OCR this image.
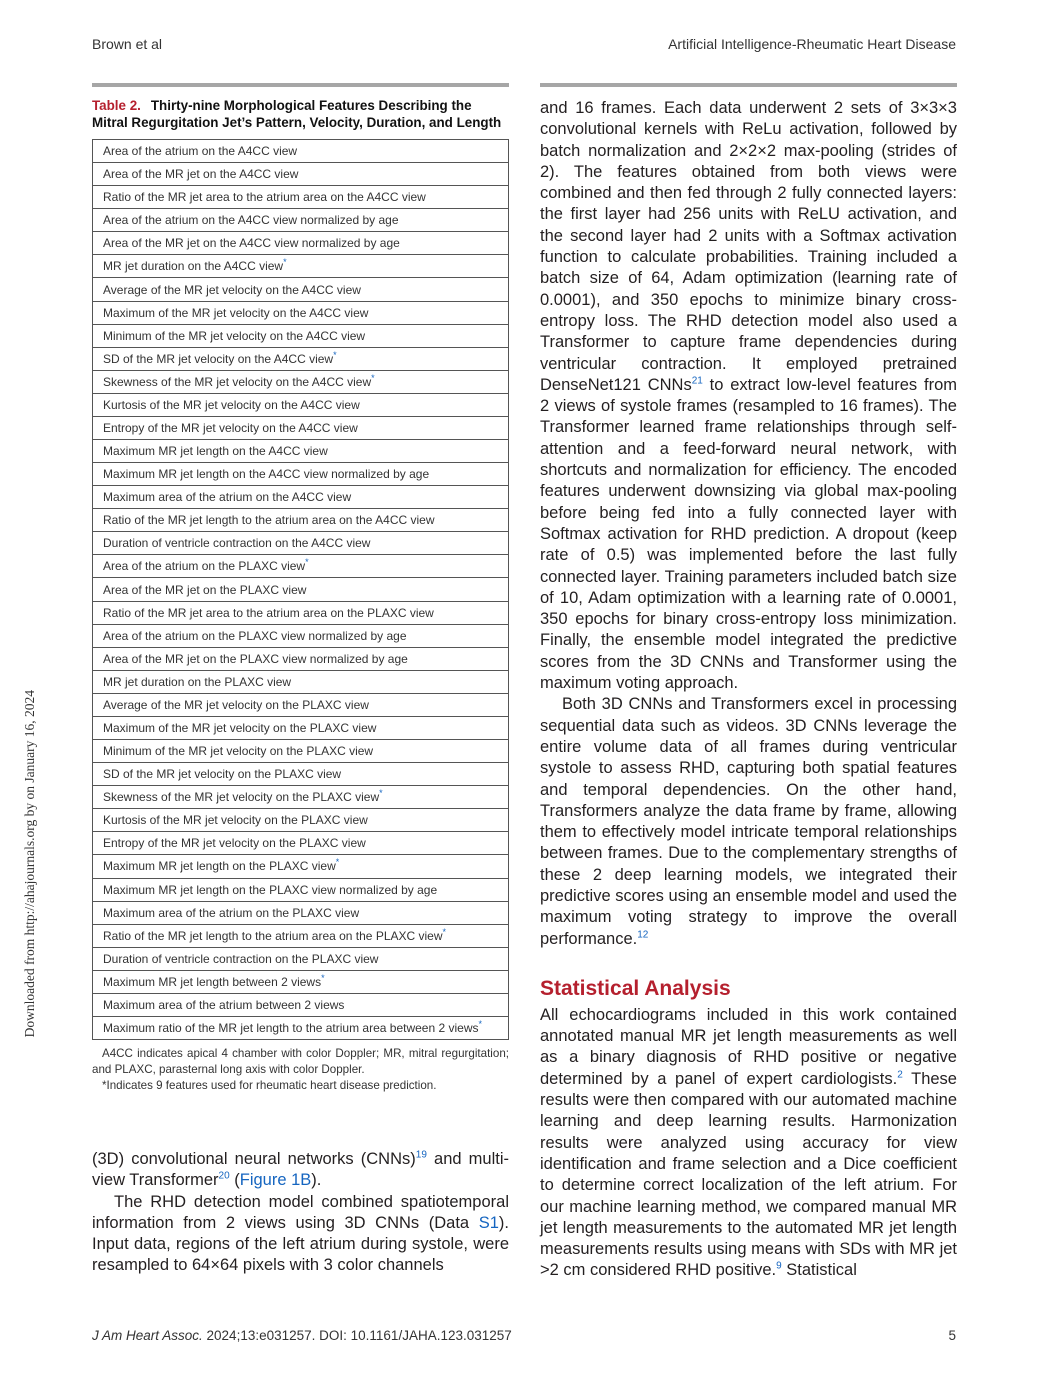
Brown et al	Artificial Intelligence-Rheumatic Heart Disease
Downloaded from http://ahajournals.org by on January 16, 2024
Table 2. Thirty-nine Morphological Features Describing the Mitral Regurgitation Jet’s Pattern, Velocity, Duration, and Length
Area of the atrium on the A4CC view
Area of the MR jet on the A4CC view
Ratio of the MR jet area to the atrium area on the A4CC view
Area of the atrium on the A4CC view normalized by age
Area of the MR jet on the A4CC view normalized by age
MR jet duration on the A4CC view*
Average of the MR jet velocity on the A4CC view
Maximum of the MR jet velocity on the A4CC view
Minimum of the MR jet velocity on the A4CC view
SD of the MR jet velocity on the A4CC view*
Skewness of the MR jet velocity on the A4CC view*
Kurtosis of the MR jet velocity on the A4CC view
Entropy of the MR jet velocity on the A4CC view
Maximum MR jet length on the A4CC view
Maximum MR jet length on the A4CC view normalized by age
Maximum area of the atrium on the A4CC view
Ratio of the MR jet length to the atrium area on the A4CC view
Duration of ventricle contraction on the A4CC view
Area of the atrium on the PLAXC view*
Area of the MR jet on the PLAXC view
Ratio of the MR jet area to the atrium area on the PLAXC view
Area of the atrium on the PLAXC view normalized by age
Area of the MR jet on the PLAXC view normalized by age
MR jet duration on the PLAXC view
Average of the MR jet velocity on the PLAXC view
Maximum of the MR jet velocity on the PLAXC view
Minimum of the MR jet velocity on the PLAXC view
SD of the MR jet velocity on the PLAXC view
Skewness of the MR jet velocity on the PLAXC view*
Kurtosis of the MR jet velocity on the PLAXC view
Entropy of the MR jet velocity on the PLAXC view
Maximum MR jet length on the PLAXC view*
Maximum MR jet length on the PLAXC view normalized by age
Maximum area of the atrium on the PLAXC view
Ratio of the MR jet length to the atrium area on the PLAXC view*
Duration of ventricle contraction on the PLAXC view
Maximum MR jet length between 2 views*
Maximum area of the atrium between 2 views
Maximum ratio of the MR jet length to the atrium area between 2 views*

A4CC indicates apical 4 chamber with color Doppler; MR, mitral regurgitation; and PLAXC, parasternal long axis with color Doppler.

*Indicates 9 features used for rheumatic heart disease prediction.

(3D) convolutional neural networks (CNNs)$^{19}$ and multi-view Transformer$^{20}$ (Figure 1B).

The RHD detection model combined spatiotemporal information from 2 views using 3D CNNs (Data S1). Input data, regions of the left atrium during systole, were resampled to 64×64 pixels with 3 color channels

and 16 frames. Each data underwent 2 sets of 3×3×3 convolutional kernels with ReLu activation, followed by batch normalization and 2×2×2 max-pooling (strides of 2). The features obtained from both views were combined and then fed through 2 fully connected layers: the first layer had 256 units with ReLU activation, and the second layer had 2 units with a Softmax activation function to calculate probabilities. Training included a batch size of 64, Adam optimization (learning rate of 0.0001), and 350 epochs to minimize binary cross-entropy loss. The RHD detection model also used a Transformer to capture frame dependencies during ventricular contraction. It employed pretrained DenseNet121 CNNs$^{21}$ to extract low-level features from 2 views of systole frames (resampled to 16 frames). The Transformer learned frame relationships through self-attention and a feed-forward neural network, with shortcuts and normalization for efficiency. The encoded features underwent downsizing via global max-pooling before being fed into a fully connected layer with Softmax activation for RHD prediction. A dropout (keep rate of 0.5) was implemented before the last fully connected layer. Training parameters included batch size of 10, Adam optimization with a learning rate of 0.0001, 350 epochs for binary cross-entropy loss minimization. Finally, the ensemble model integrated the predictive scores from the 3D CNNs and Transformer using the maximum voting approach.

Both 3D CNNs and Transformers excel in processing sequential data such as videos. 3D CNNs leverage the entire volume data of all frames during ventricular systole to assess RHD, capturing both spatial features and temporal dependencies. On the other hand, Transformers analyze the data frame by frame, allowing them to effectively model intricate temporal relationships between frames. Due to the complementary strengths of these 2 deep learning models, we integrated their predictive scores using an ensemble model and used the maximum voting strategy to improve the overall performance.$^{12}$

Statistical Analysis

All echocardiograms included in this work contained annotated manual MR jet length measurements as well as a binary diagnosis of RHD positive or negative determined by a panel of expert cardiologists.$^2$ These results were then compared with our automated machine learning and deep learning results. Harmonization results were analyzed using accuracy for view identification and frame selection and a Dice coefficient to determine correct localization of the left atrium. For our machine learning method, we compared manual MR jet length measurements to the automated MR jet length measurements results using means with SDs with MR jet >2 cm considered RHD positive.$^9$ Statistical

J Am Heart Assoc. 2024;13:e031257. DOI: 10.1161/JAHA.123.031257	5
